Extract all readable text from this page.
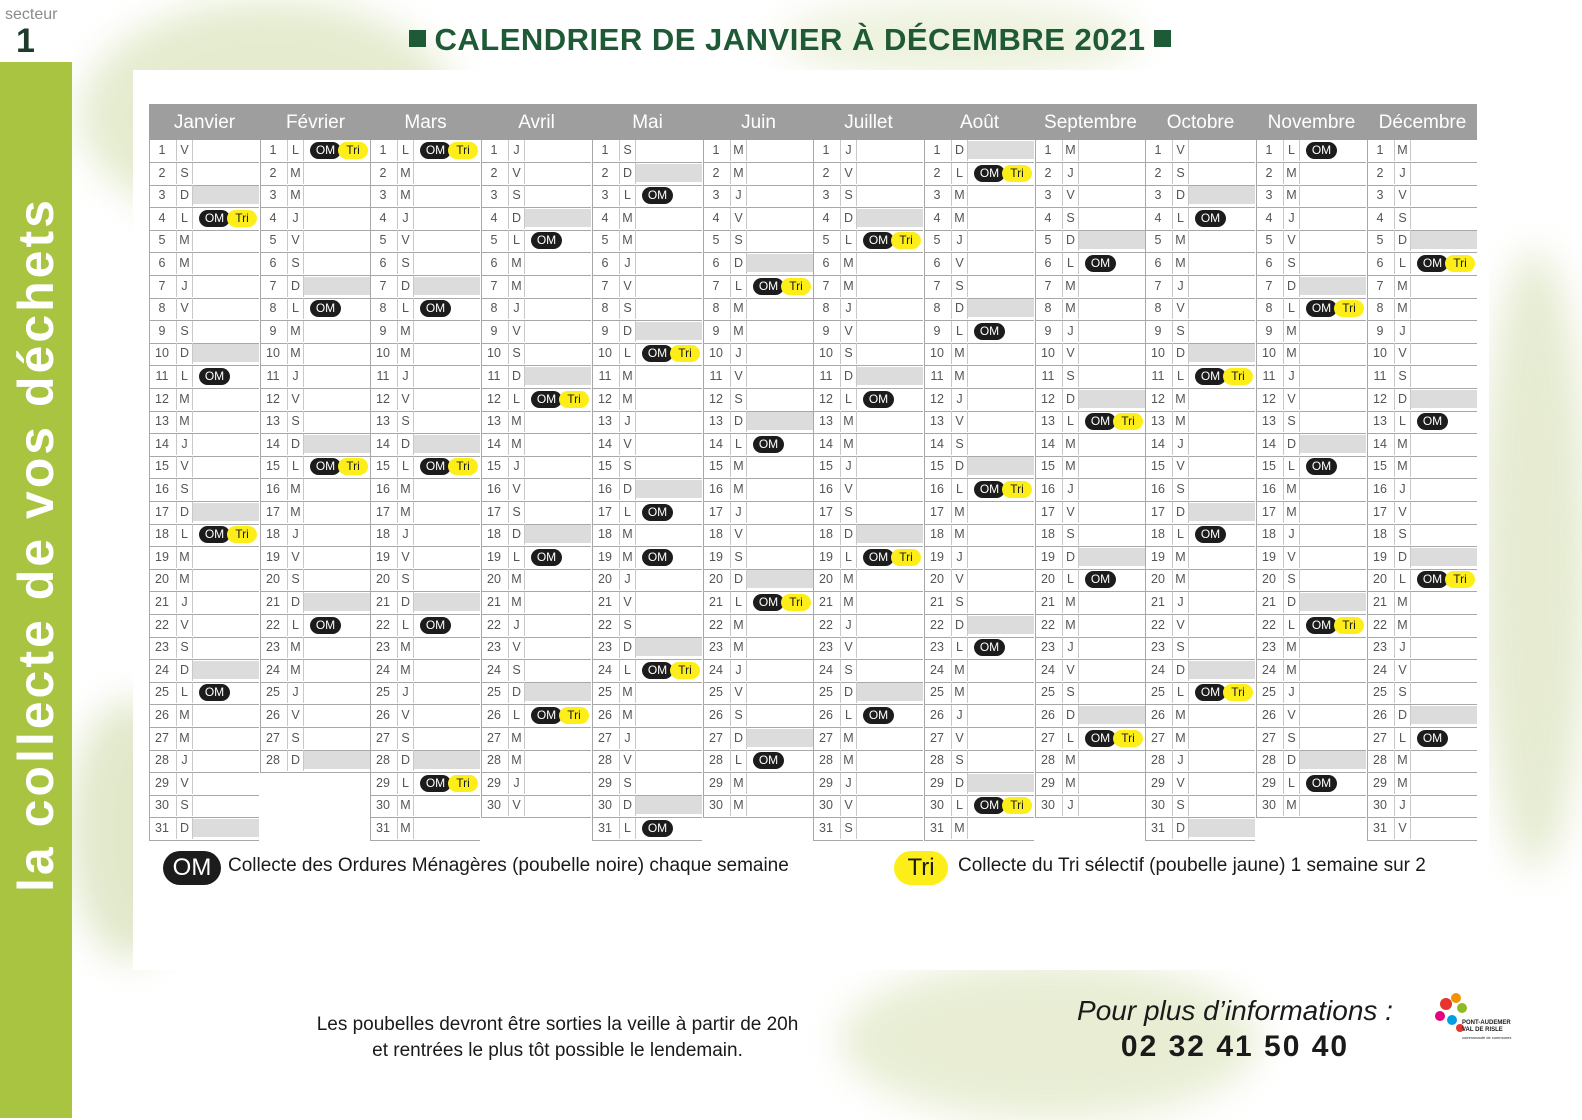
secteur
1
la collecte de vos déchets
CALENDRIER DE JANVIER À DÉCEMBRE 2021
Janvier	Février	Mars	Avril	Mai	Juin	Juillet	Août	Septembre	Octobre	Novembre	Décembre
1	V
2	S
3	D
4	L	OM Tri
5	M
6	M
7	J
8	V
9	S
10 D
11	L	OM
12 M
13 M
14 J
15 V
16 S
17 D
18 L	OM Tri
19 M
20 M
21 J
22 V
23 S
24 D
25 L	OM
26 M
27 M
28 J
29 V
30 S
31 D
1	L	OM Tri
2	M
3	M
4	J
5	V
6	S
7	D
8	L	OM
9	M
10 M
11	J
12 V
13 S
14 D
15 L	OM Tri
16 M
17 M
18 J
19 V
20 S
21 D
22 L	OM
23 M
24 M
25 J
26 V
27 S
28 D
1	L	OM Tri
2	M
3	M
4	J
5	V
6	S
7	D
8	L	OM
9	M
10 M
11	J
12 V
13 S
14 D
15 L	OM Tri
16 M
17 M
18 J
19 V
20 S
21 D
22 L	OM
23 M
24 M
25 J
26 V
27 S
28 D
29 L	OM Tri
30 M
31 M
1	J
2	V
3	S
4	D
5	L	OM
6	M
7	M
8	J
9	V
10 S
11 D
12 L	OM Tri
13 M
14 M
15 J
16 V
17 S
18 D
19 L	OM
20 M
21 M
22 J
23 V
24 S
25 D
26 L	OM Tri
27 M
28 M
29 J
30 V
1	S
2	D
3	L	OM
4	M
5	M
6	J
7	V
8	S
9	D
10 L	OM Tri
11 M
12 M
13 J
14 V
15 S
16 D
17 L	OM
18 M
19 M	OM
20 J
21 V
22 S
23 D
24 L	OM Tri
25 M
26 M
27 J
28 V
29 S
30 D
31 L	OM
1	M
2	M
3	J
4	V
5	S
6	D
7	L	OM Tri
8	M
9	M
10 J
11 V
12 S
13 D
14 L	OM
15 M
16 M
17 J
18 V
19 S
20 D
21 L	OM Tri
22 M
23 M
24 J
25 V
26 S
27 D
28 L	OM
29 M
30 M
1	J
2	V
3	S
4	D
5	L	OM Tri
6	M
7	M
8	J
9	V
10 S
11 D
12 L	OM
13 M
14 M
15 J
16 V
17 S
18 D
19 L	OM Tri
20 M
21 M
22 J
23 V
24 S
25 D
26 L	OM
27 M
28 M
29 J
30 V
31 S
1	D
2	L	OM Tri
3	M
4	M
5	J
6	V
7	S
8	D
9	L	OM
10 M
11 M
12 J
13 V
14 S
15 D
16 L	OM Tri
17 M
18 M
19 J
20 V
21 S
22 D
23 L	OM
24 M
25 M
26 J
27 V
28 S
29 D
30 L	OM Tri
31 M
1	M
2	J
3	V
4	S
5	D
6	L	OM
7	M
8	M
9	J
10 V
11 S
12 D
13 L	OM Tri
14 M
15 M
16 J
17 V
18 S
19 D
20 L	OM
21 M
22 M
23 J
24 V
25 S
26 D
27 L	OM Tri
28 M
29 M
30 J
1	V
2	S
3	D
4	L	OM
5	M
6	M
7	J
8	V
9	S
10 D
11	L	OM Tri
12 M
13 M
14 J
15 V
16 S
17 D
18 L	OM
19 M
20 M
21 J
22 V
23 S
24 D
25 L	OM Tri
26 M
27 M
28 J
29 V
30 S
31 D
1	L	OM
2	M
3	M
4	J
5	V
6	S
7	D
8	L	OM Tri
9	M
10 M
11	J
12 V
13 S
14 D
15 L	OM
16 M
17 M
18 J
19 V
20 S
21 D
22 L	OM Tri
23 M
24 M
25 J
26 V
27 S
28 D
29 L	OM
30 M
1	M
2	J
3	V
4	S
5	D
6	L	OM Tri
7	M
8	M
9	J
10 V
11 S
12 D
13 L	OM
14 M
15 M
16 J
17 V
18 S
19 D
20 L	OM Tri
21 M
22 M
23 J
24 V
25 S
26 D
27 L	OM
28 M
29 M
30 J
31 V
OM Collecte des Ordures Ménagères (poubelle noire) chaque semaine	Tri	Collecte du Tri sélectif (poubelle jaune) 1 semaine sur 2
Les poubelles devront être sorties la veille à partir de 20h
et rentrées le plus tôt possible le lendemain.
Pour plus d’informations :
02 32 41 50 40
PONT-AUDEMER
VAL DE RISLE
communauté de communes
